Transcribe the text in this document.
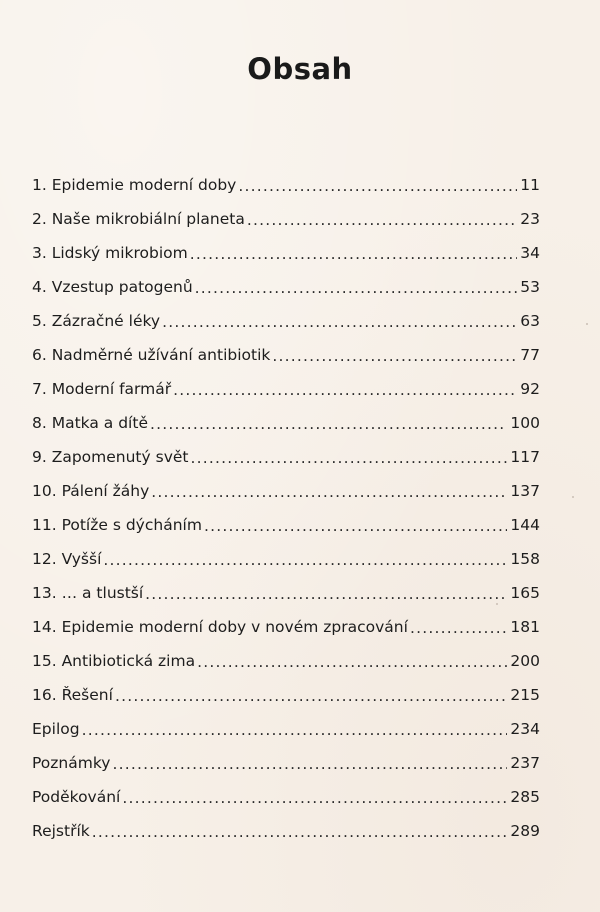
Obsah
1. Epidemie moderní doby .....	11
2. Naše mikrobiální planeta .....	23
3. Lidský mikrobiom .....	34
4. Vzestup patogenů .....	53
5. Zázračné léky .....	63
6. Nadměrné užívání antibiotik .....	77
7. Moderní farmář .....	92
8. Matka a dítě .....	100
9. Zapomenutý svět .....	117
10. Pálení žáhy .....	137
11. Potíže s dýcháním .....	144
12. Vyšší .....	158
13. … a tlustší .....	165
14. Epidemie moderní doby v novém zpracování .....	181
15. Antibiotická zima .....	200
16. Řešení .....	215
Epilog .....	234
Poznámky .....	237
Poděkování .....	285
Rejstřík .....	289
